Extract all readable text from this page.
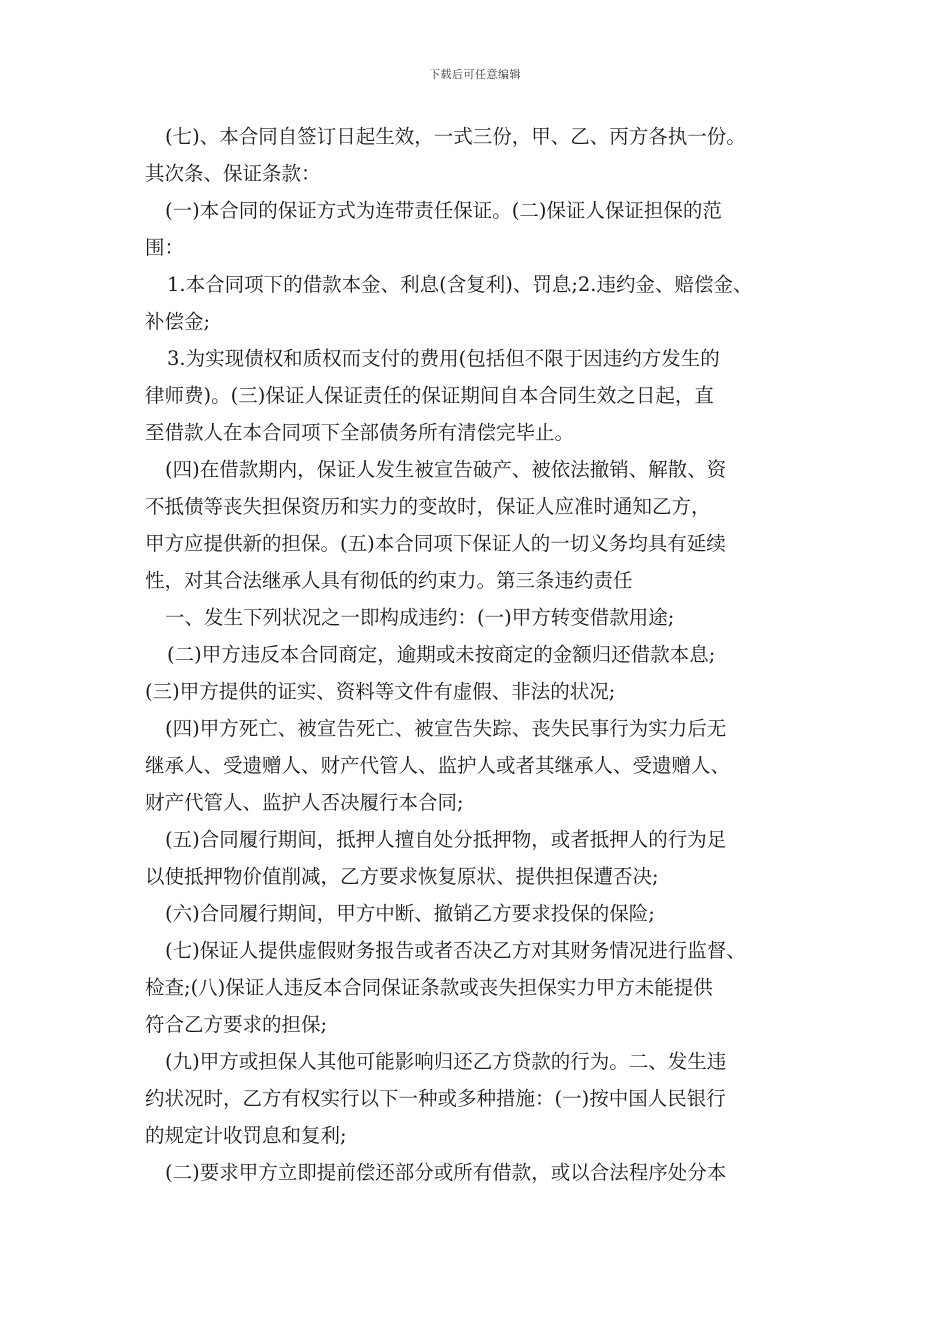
下载后可任意编辑
(七)、本合同自签订日起生效，一式三份，甲、乙、丙方各执一份。
其次条、保证条款：
(一)本合同的保证方式为连带责任保证。(二)保证人保证担保的范
围：
1.本合同项下的借款本金、利息(含复利)、罚息;2.违约金、赔偿金、
补偿金;
3.为实现债权和质权而支付的费用(包括但不限于因违约方发生的
律师费)。(三)保证人保证责任的保证期间自本合同生效之日起，直
至借款人在本合同项下全部债务所有清偿完毕止。
(四)在借款期内，保证人发生被宣告破产、被依法撤销、解散、资
不抵债等丧失担保资历和实力的变故时，保证人应准时通知乙方，
甲方应提供新的担保。(五)本合同项下保证人的一切义务均具有延续
性，对其合法继承人具有彻低的约束力。第三条违约责任
一、发生下列状况之一即构成违约：(一)甲方转变借款用途;
(二)甲方违反本合同商定，逾期或未按商定的金额归还借款本息;
(三)甲方提供的证实、资料等文件有虚假、非法的状况;
(四)甲方死亡、被宣告死亡、被宣告失踪、丧失民事行为实力后无
继承人、受遗赠人、财产代管人、监护人或者其继承人、受遗赠人、
财产代管人、监护人否决履行本合同;
(五)合同履行期间，抵押人擅自处分抵押物，或者抵押人的行为足
以使抵押物价值削减，乙方要求恢复原状、提供担保遭否决;
(六)合同履行期间，甲方中断、撤销乙方要求投保的保险;
(七)保证人提供虚假财务报告或者否决乙方对其财务情况进行监督、
检查;(八)保证人违反本合同保证条款或丧失担保实力甲方未能提供
符合乙方要求的担保;
(九)甲方或担保人其他可能影响归还乙方贷款的行为。二、发生违
约状况时，乙方有权实行以下一种或多种措施：(一)按中国人民银行
的规定计收罚息和复利;
(二)要求甲方立即提前偿还部分或所有借款，或以合法程序处分本
